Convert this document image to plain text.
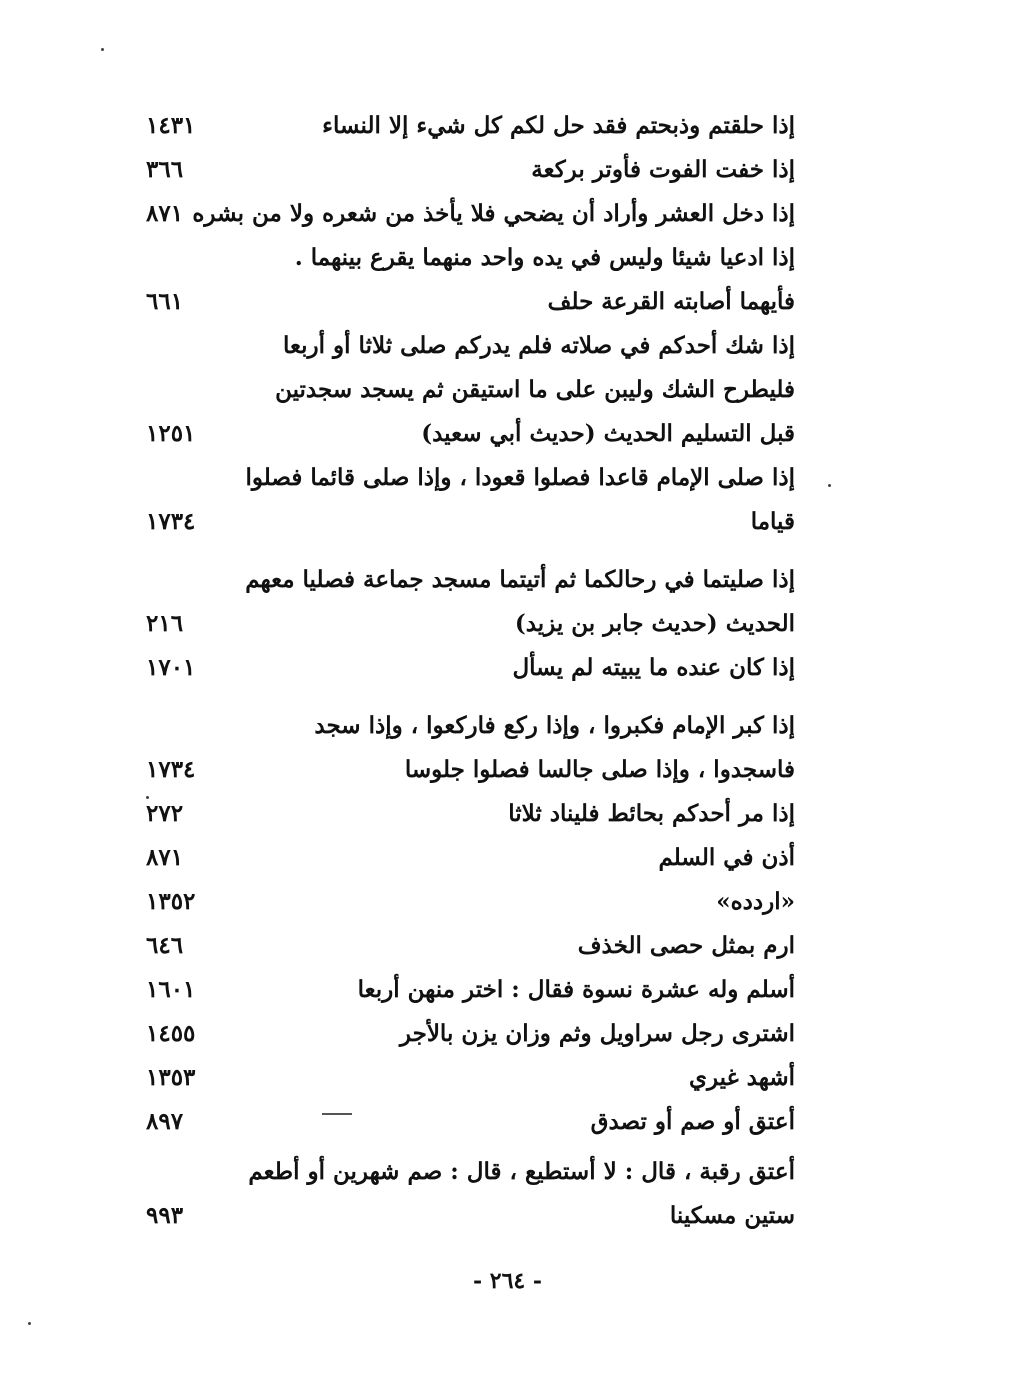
إذا حلقتم وذبحتم فقد حل لكم كل شيء إلا النساء
١٤٣١
إذا خفت الفوت فأوتر بركعة
٣٦٦
إذا دخل العشر وأراد أن يضحي فلا يأخذ من شعره ولا من بشره
٨٧١
إذا ادعيا شيئا وليس في يده واحد منهما يقرع بينهما .
فأيهما أصابته القرعة حلف
٦٦١
إذا شك أحدكم في صلاته فلم يدركم صلى ثلاثا أو أربعا
فليطرح الشك وليبن على ما استيقن ثم يسجد سجدتين
قبل التسليم الحديث (حديث أبي سعيد)
١٢٥١
إذا صلى الإمام قاعدا فصلوا قعودا ، وإذا صلى قائما فصلوا
قياما
١٧٣٤
إذا صليتما في رحالكما ثم أتيتما مسجد جماعة فصليا معهم
الحديث (حديث جابر بن يزيد)
٢١٦
إذا كان عنده ما يبيته لم يسأل
١٧٠١
إذا كبر الإمام فكبروا ، وإذا ركع فاركعوا ، وإذا سجد
فاسجدوا ، وإذا صلى جالسا فصلوا جلوسا
١٧٣٤
إذا مر أحدكم بحائط فليناد ثلاثا
٢٧٢
أذن في السلم
٨٧١
«اردده»
١٣٥٢
ارم بمثل حصى الخذف
٦٤٦
أسلم وله عشرة نسوة فقال : اختر منهن أربعا
١٦٠١
اشترى رجل سراويل وثم وزان يزن بالأجر
١٤٥٥
أشهد غيري
١٣٥٣
أعتق أو صم أو تصدق
٨٩٧
أعتق رقبة ، قال : لا أستطيع ، قال : صم شهرين أو أطعم
ستين مسكينا
٩٩٣
- ٢٦٤ -
